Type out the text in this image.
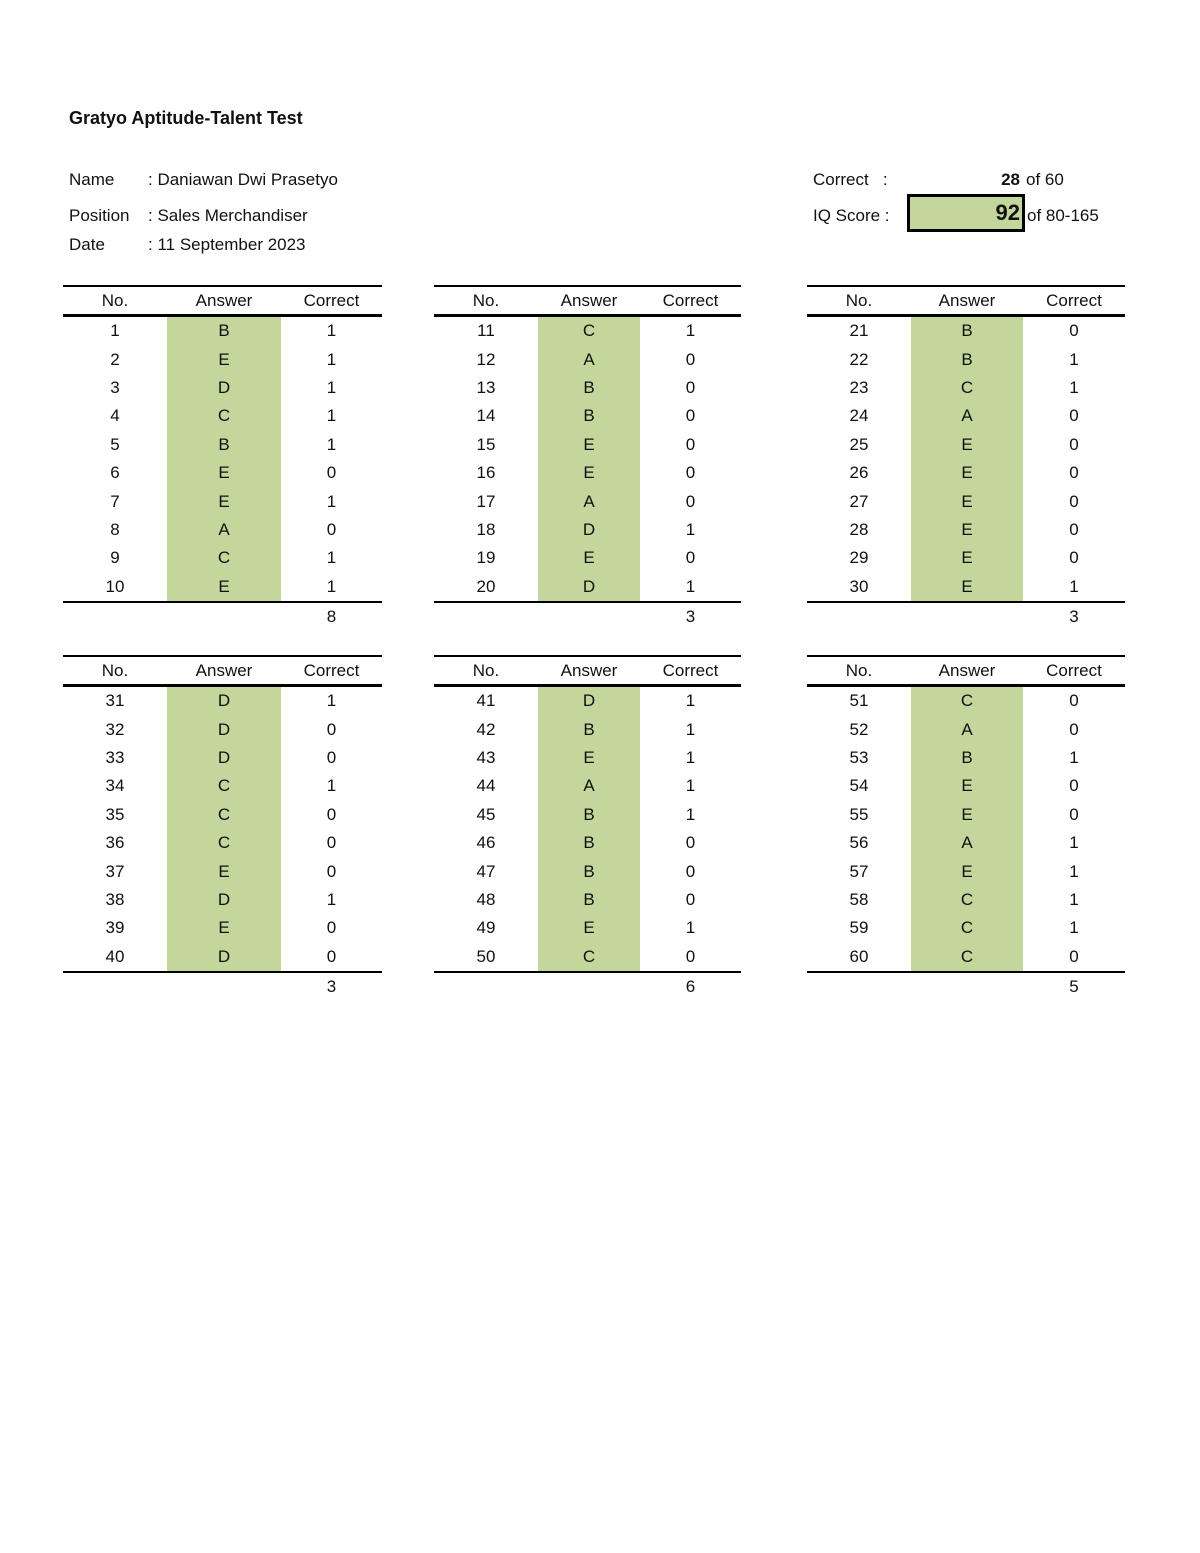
Gratyo Aptitude-Talent Test
Name : Daniawan Dwi Prasetyo
Position : Sales Merchandiser
Date	: 11 September 2023
Correct   :	28 of 60
IQ Score :	92 of 80-165
No.	Answer	Correct
1	B	1
2	E	1
3	D	1
4	C	1
5	B	1
6	E	0
7	E	1
8	A	0
9	C	1
10	E	1
		8
No.	Answer	Correct
11	C	1
12	A	0
13	B	0
14	B	0
15	E	0
16	E	0
17	A	0
18	D	1
19	E	0
20	D	1
		3
No.	Answer	Correct
21	B	0
22	B	1
23	C	1
24	A	0
25	E	0
26	E	0
27	E	0
28	E	0
29	E	0
30	E	1
		3
No.	Answer	Correct
31	D	1
32	D	0
33	D	0
34	C	1
35	C	0
36	C	0
37	E	0
38	D	1
39	E	0
40	D	0
		3
No.	Answer	Correct
41	D	1
42	B	1
43	E	1
44	A	1
45	B	1
46	B	0
47	B	0
48	B	0
49	E	1
50	C	0
		6
No.	Answer	Correct
51	C	0
52	A	0
53	B	1
54	E	0
55	E	0
56	A	1
57	E	1
58	C	1
59	C	1
60	C	0
		5
